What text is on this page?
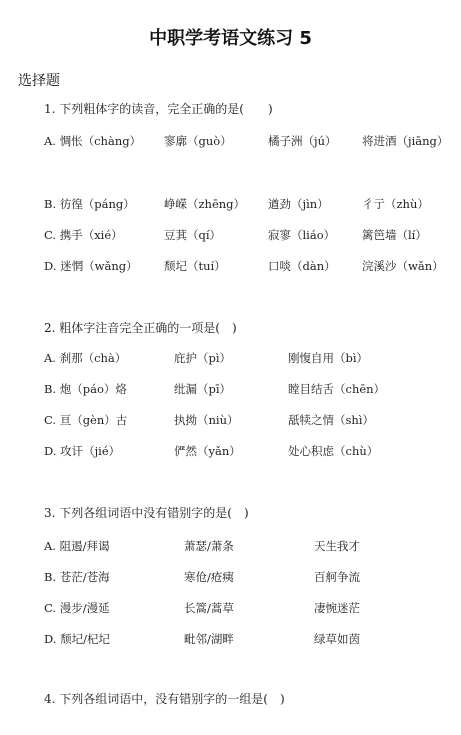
中职学考语文练习 5
选择题
1. 下列粗体字的读音，完全正确的是(　　)
A. 惆怅（chàng） 寥廓（guò）	橘子洲（jú） 将进酒（jiāng）
B. 彷徨（páng）	峥嵘（zhēng） 遒劲（jìn）	彳亍（zhù）
C. 携手（xié）	豆萁（qí）	寂寥（liáo） 篱笆墙（lí）
D. 迷惘（wǎng） 颓圮（tuí）	口啖（dàn） 浣溪沙（wǎn）
2. 粗体字注音完全正确的一项是(　)
A. 刹那（chà）	庇护（pì）	刚愎自用（bì）
B. 炮（páo）烙	纰漏（pī）	瞠目结舌（chēn）
C. 亘（gèn）古	执拗（niù）	舐犊之情（shì）
D. 攻讦（jié）	俨然（yǎn）	处心积虑（chù）
3. 下列各组词语中没有错别字的是(　)
A. 阻遏/拜谒	萧瑟/萧条	天生我才
B. 苍茫/苍海	寒伧/疮痍	百舸争流
C. 漫步/漫延	长篙/蒿草	凄惋迷茫
D. 颓圮/杞圮	毗邻/湖畔	绿草如茵
4. 下列各组词语中，没有错别字的一组是(　)
